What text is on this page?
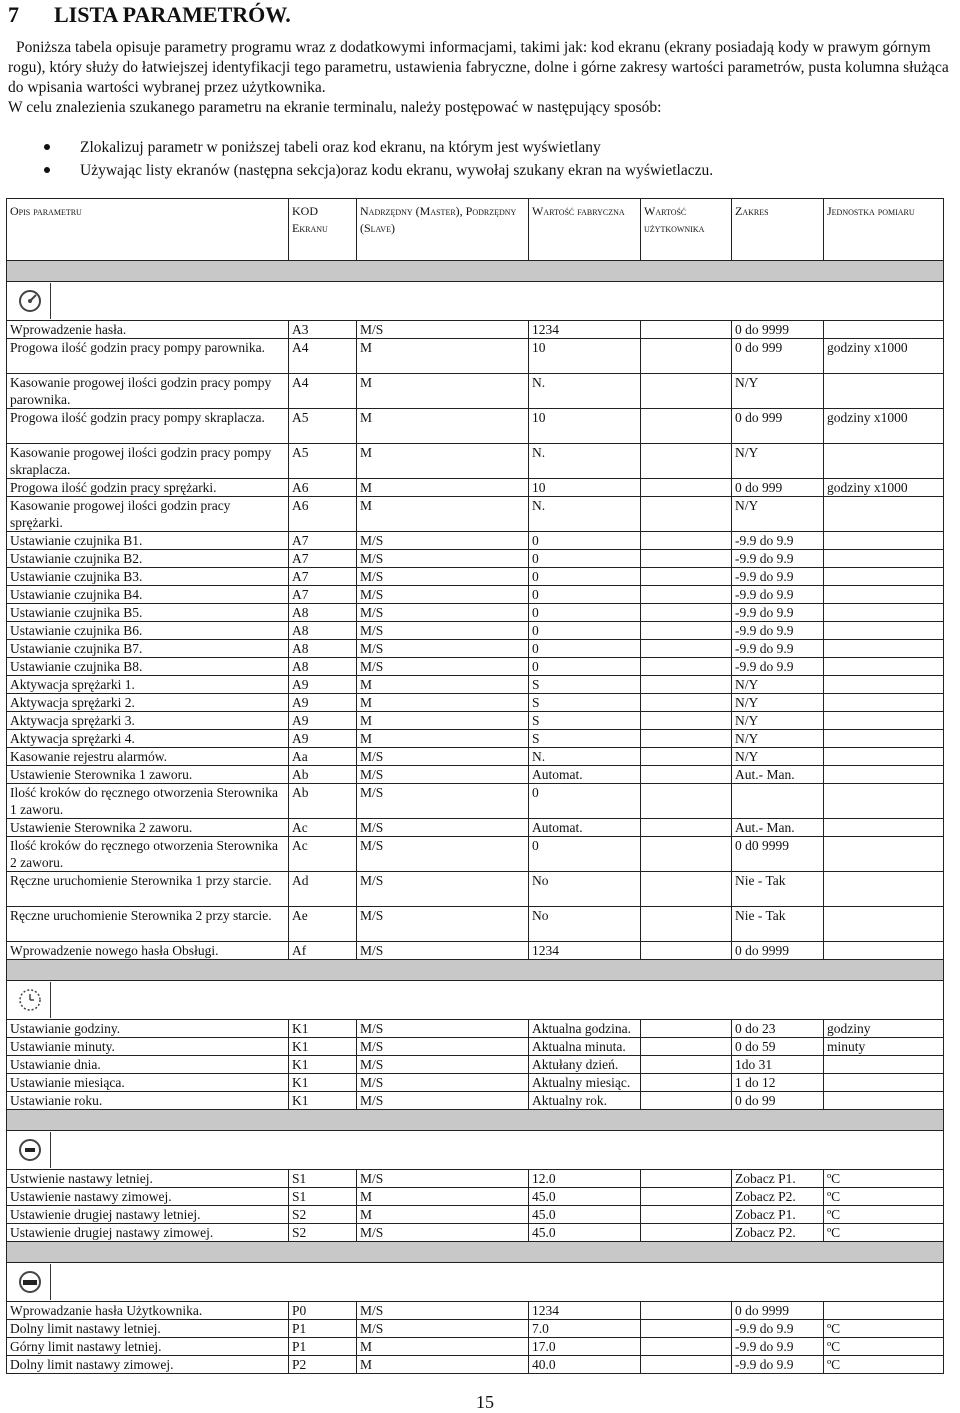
7 LISTA PARAMETRÓW.

Poniższa tabela opisuje parametry programu wraz z dodatkowymi informacjami, takimi jak: kod ekranu (ekrany posiadają kody w prawym górnym rogu), który służy do łatwiejszej identyfikacji tego parametru, ustawienia fabryczne, dolne i górne zakresy wartości parametrów, pusta kolumna służąca do wpisania wartości wybranej przez użytkownika.

W celu znalezienia szukanego parametru na ekranie terminalu, należy postępować w następujący sposób:

Zlokalizuj parametr w poniższej tabeli oraz kod ekranu, na którym jest wyświetlany
Używając listy ekranów (następna sekcja)oraz kodu ekranu, wywołaj szukany ekran na wyświetlaczu.
Opis parametru	KOD Ekranu	Nadrzędny (Master), Podrzędny (Slave)	Wartość fabryczna	Wartość użytkownika	Zakres	Jednostka pomiaru

Wprowadzenie hasła.	A3	M/S	1234		0 do 9999	
Progowa ilość godzin pracy pompy parownika.	A4	M	10		0 do 999	godziny x1000
Kasowanie progowej ilości godzin pracy pompy parownika.	A4	M	N.		N/Y	
Progowa ilość godzin pracy pompy skraplacza.	A5	M	10		0 do 999	godziny x1000
Kasowanie progowej ilości godzin pracy pompy skraplacza.	A5	M	N.		N/Y	
Progowa ilość godzin pracy sprężarki.	A6	M	10		0 do 999	godziny x1000
Kasowanie progowej ilości godzin pracy sprężarki.	A6	M	N.		N/Y	
Ustawianie czujnika B1.	A7	M/S	0		-9.9 do 9.9	
Ustawianie czujnika B2.	A7	M/S	0		-9.9 do 9.9	
Ustawianie czujnika B3.	A7	M/S	0		-9.9 do 9.9	
Ustawianie czujnika B4.	A7	M/S	0		-9.9 do 9.9	
Ustawianie czujnika B5.	A8	M/S	0		-9.9 do 9.9	
Ustawianie czujnika B6.	A8	M/S	0		-9.9 do 9.9	
Ustawianie czujnika B7.	A8	M/S	0		-9.9 do 9.9	
Ustawianie czujnika B8.	A8	M/S	0		-9.9 do 9.9	
Aktywacja sprężarki 1.	A9	M	S		N/Y	
Aktywacja sprężarki 2.	A9	M	S		N/Y	
Aktywacja sprężarki 3.	A9	M	S		N/Y	
Aktywacja sprężarki 4.	A9	M	S		N/Y	
Kasowanie rejestru alarmów.	Aa	M/S	N.		N/Y	
Ustawienie Sterownika 1 zaworu.	Ab	M/S	Automat.		Aut.- Man.	
Ilość kroków do ręcznego otworzenia Sterownika 1 zaworu.	Ab	M/S	0			
Ustawienie Sterownika 2 zaworu.	Ac	M/S	Automat.		Aut.- Man.	
Ilość kroków do ręcznego otworzenia Sterownika 2 zaworu.	Ac	M/S	0		0 d0 9999	
Ręczne uruchomienie Sterownika 1 przy starcie.	Ad	M/S	No		Nie - Tak	
Ręczne uruchomienie Sterownika 2 przy starcie.	Ae	M/S	No		Nie - Tak	
Wprowadzenie nowego hasła Obsługi.	Af	M/S	1234		0 do 9999	

Ustawianie godziny.	K1	M/S	Aktualna godzina.		0 do 23	godziny
Ustawianie minuty.	K1	M/S	Aktualna minuta.		0 do 59	minuty
Ustawianie dnia.	K1	M/S	Aktułany dzień.		1do 31	
Ustawianie miesiąca.	K1	M/S	Aktualny miesiąc.		1 do 12	
Ustawianie roku.	K1	M/S	Aktualny rok.		0 do 99	

Ustwienie nastawy letniej.	S1	M/S	12.0		Zobacz P1.	ºC
Ustawienie nastawy zimowej.	S1	M	45.0		Zobacz P2.	ºC
Ustawienie drugiej nastawy letniej.	S2	M	45.0		Zobacz P1.	ºC
Ustawienie drugiej nastawy zimowej.	S2	M/S	45.0		Zobacz P2.	ºC

Wprowadzanie hasła Użytkownika.	P0	M/S	1234		0 do 9999	
Dolny limit nastawy letniej.	P1	M/S	7.0		-9.9 do 9.9	ºC
Górny limit nastawy letniej.	P1	M	17.0		-9.9 do 9.9	ºC
Dolny limit nastawy zimowej.	P2	M	40.0		-9.9 do 9.9	ºC
15
